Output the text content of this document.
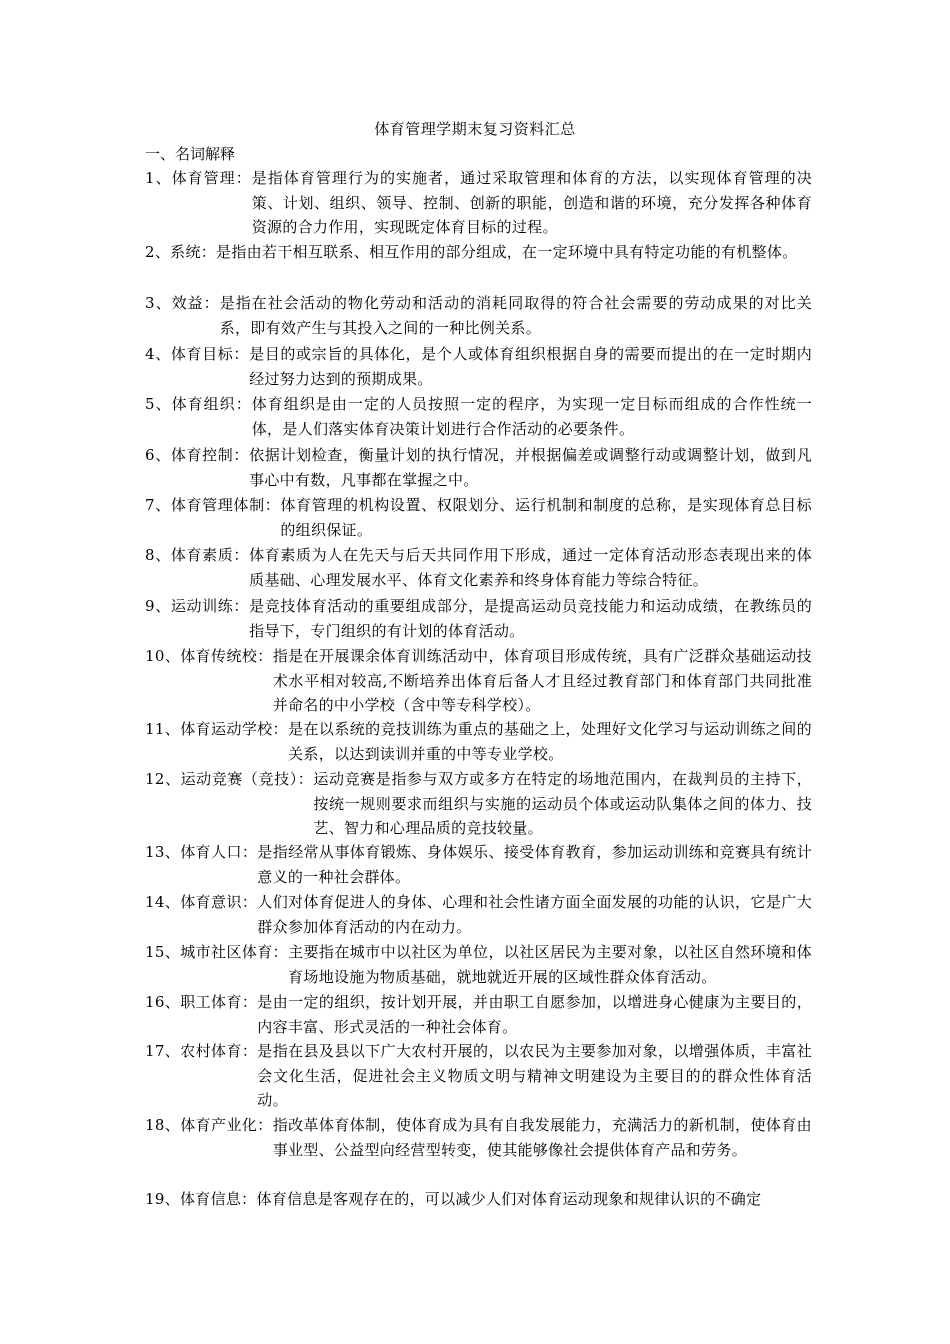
体育管理学期末复习资料汇总
一、名词解释
1、体育管理：是指体育管理行为的实施者，通过采取管理和体育的方法，以实现体育管理的决策、计划、组织、领导、控制、创新的职能，创造和谐的环境，充分发挥各种体育资源的合力作用，实现既定体育目标的过程。
2、系统：是指由若干相互联系、相互作用的部分组成，在一定环境中具有特定功能的有机整体。
3、效益：是指在社会活动的物化劳动和活动的消耗同取得的符合社会需要的劳动成果的对比关系，即有效产生与其投入之间的一种比例关系。
4、体育目标：是目的或宗旨的具体化，是个人或体育组织根据自身的需要而提出的在一定时期内经过努力达到的预期成果。
5、体育组织：体育组织是由一定的人员按照一定的程序，为实现一定目标而组成的合作性统一体，是人们落实体育决策计划进行合作活动的必要条件。
6、体育控制：依据计划检查，衡量计划的执行情况，并根据偏差或调整行动或调整计划，做到凡事心中有数，凡事都在掌握之中。
7、体育管理体制：体育管理的机构设置、权限划分、运行机制和制度的总称，是实现体育总目标的组织保证。
8、体育素质：体育素质为人在先天与后天共同作用下形成，通过一定体育活动形态表现出来的体质基础、心理发展水平、体育文化素养和终身体育能力等综合特征。
9、运动训练：是竞技体育活动的重要组成部分，是提高运动员竞技能力和运动成绩，在教练员的指导下，专门组织的有计划的体育活动。
10、体育传统校：指是在开展课余体育训练活动中，体育项目形成传统，具有广泛群众基础运动技术水平相对较高,不断培养出体育后备人才且经过教育部门和体育部门共同批准并命名的中小学校（含中等专科学校）。
11、体育运动学校：是在以系统的竞技训练为重点的基础之上，处理好文化学习与运动训练之间的关系，以达到读训并重的中等专业学校。
12、运动竞赛（竞技）：运动竞赛是指参与双方或多方在特定的场地范围内，在裁判员的主持下，按统一规则要求而组织与实施的运动员个体或运动队集体之间的体力、技艺、智力和心理品质的竞技较量。
13、体育人口：是指经常从事体育锻炼、身体娱乐、接受体育教育，参加运动训练和竞赛具有统计意义的一种社会群体。
14、体育意识：人们对体育促进人的身体、心理和社会性诸方面全面发展的功能的认识，它是广大群众参加体育活动的内在动力。
15、城市社区体育：主要指在城市中以社区为单位，以社区居民为主要对象，以社区自然环境和体育场地设施为物质基础，就地就近开展的区域性群众体育活动。
16、职工体育：是由一定的组织，按计划开展，并由职工自愿参加，以增进身心健康为主要目的，内容丰富、形式灵活的一种社会体育。
17、农村体育：是指在县及县以下广大农村开展的，以农民为主要参加对象，以增强体质，丰富社会文化生活，促进社会主义物质文明与精神文明建设为主要目的的群众性体育活动。
18、体育产业化：指改革体育体制，使体育成为具有自我发展能力，充满活力的新机制，使体育由事业型、公益型向经营型转变，使其能够像社会提供体育产品和劳务。
19、体育信息：体育信息是客观存在的，可以减少人们对体育运动现象和规律认识的不确定
